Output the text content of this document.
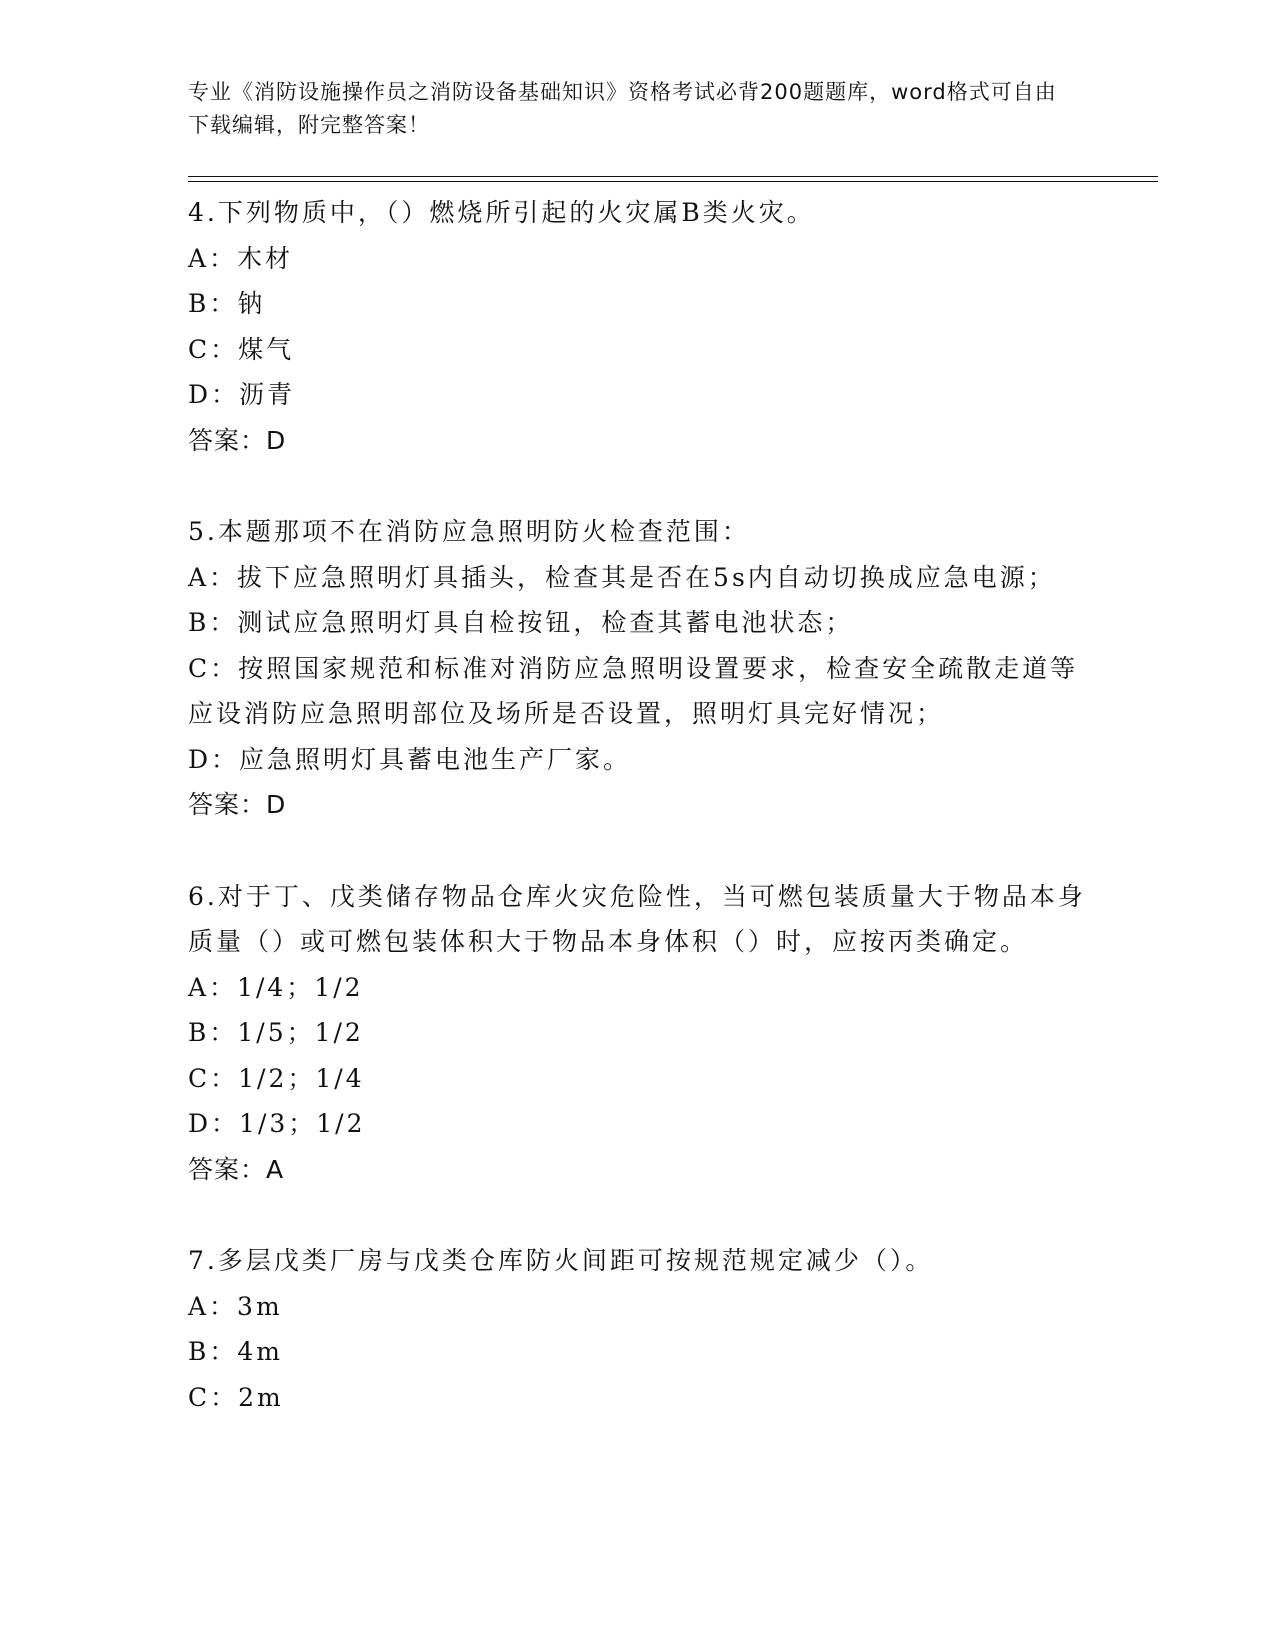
专业《消防设施操作员之消防设备基础知识》资格考试必背200题题库，word格式可自由下载编辑，附完整答案！
4.下列物质中，（）燃烧所引起的火灾属B类火灾。
A：木材
B：钠
C：煤气
D：沥青
答案：D
5.本题那项不在消防应急照明防火检查范围：
A：拔下应急照明灯具插头，检查其是否在5s内自动切换成应急电源；
B：测试应急照明灯具自检按钮，检查其蓄电池状态；
C：按照国家规范和标准对消防应急照明设置要求，检查安全疏散走道等应设消防应急照明部位及场所是否设置，照明灯具完好情况；
D：应急照明灯具蓄电池生产厂家。
答案：D
6.对于丁、戊类储存物品仓库火灾危险性，当可燃包装质量大于物品本身质量（）或可燃包装体积大于物品本身体积（）时，应按丙类确定。
A：1/4；1/2
B：1/5；1/2
C：1/2；1/4
D：1/3；1/2
答案：A
7.多层戊类厂房与戊类仓库防火间距可按规范规定减少（）。
A：3m
B：4m
C：2m
